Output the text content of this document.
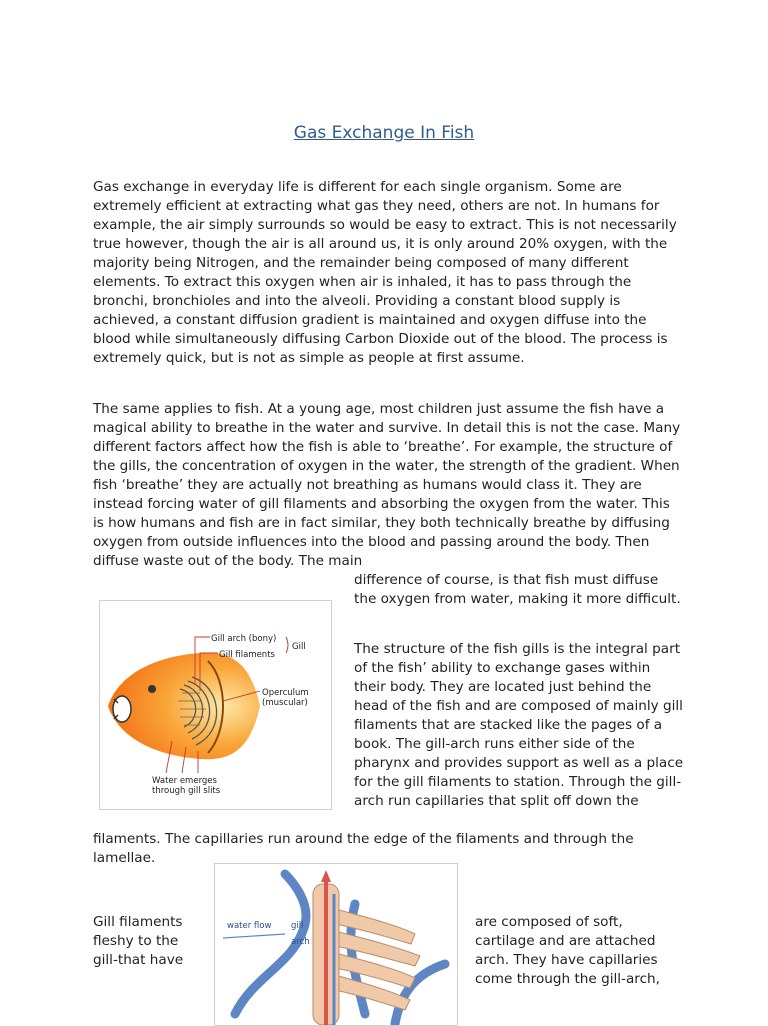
Gas Exchange In Fish

Gas exchange in everyday life is different for each single organism. Some are extremely efficient at extracting what gas they need, others are not. In humans for example, the air simply surrounds so would be easy to extract. This is not necessarily true however, though the air is all around us, it is only around 20% oxygen, with the majority being Nitrogen, and the remainder being composed of many different elements. To extract this oxygen when air is inhaled, it has to pass through the bronchi, bronchioles and into the alveoli. Providing a constant blood supply is achieved, a constant diffusion gradient is maintained and oxygen diffuse into the blood while simultaneously diffusing Carbon Dioxide out of the blood. The process is extremely quick, but is not as simple as people at first assume.

The same applies to fish. At a young age, most children just assume the fish have a magical ability to breathe in the water and survive. In detail this is not the case. Many different factors affect how the fish is able to ‘breathe’. For example, the structure of the gills, the concentration of oxygen in the water, the strength of the gradient. When fish ‘breathe’ they are actually not breathing as humans would class it. They are instead forcing water of gill filaments and absorbing the oxygen from the water. This is how humans and fish are in fact similar, they both technically breathe by diffusing oxygen from outside influences into the blood and passing around the body. Then diffuse waste out of the body. The main

difference of course, is that fish must diffuse the oxygen from water, making it more difficult.

The structure of the fish gills is the integral part of the fish’ ability to exchange gases within their body. They are located just behind the head of the fish and are composed of mainly gill filaments that are stacked like the pages of a book. The gill-arch runs either side of the pharynx and provides support as well as a place for the gill filaments to station. Through the gill-arch run capillaries that split off down the

filaments. The capillaries run around the edge of the filaments and through the lamellae.

Gill filaments fleshy to the gill-that have

are composed of soft, cartilage and are attached arch. They have capillaries come through the gill-arch,

Gill arch (bony)
Gill filaments
Gill
Operculum
(muscular)
Water emerges
through gill slits
water flow gill
arch
